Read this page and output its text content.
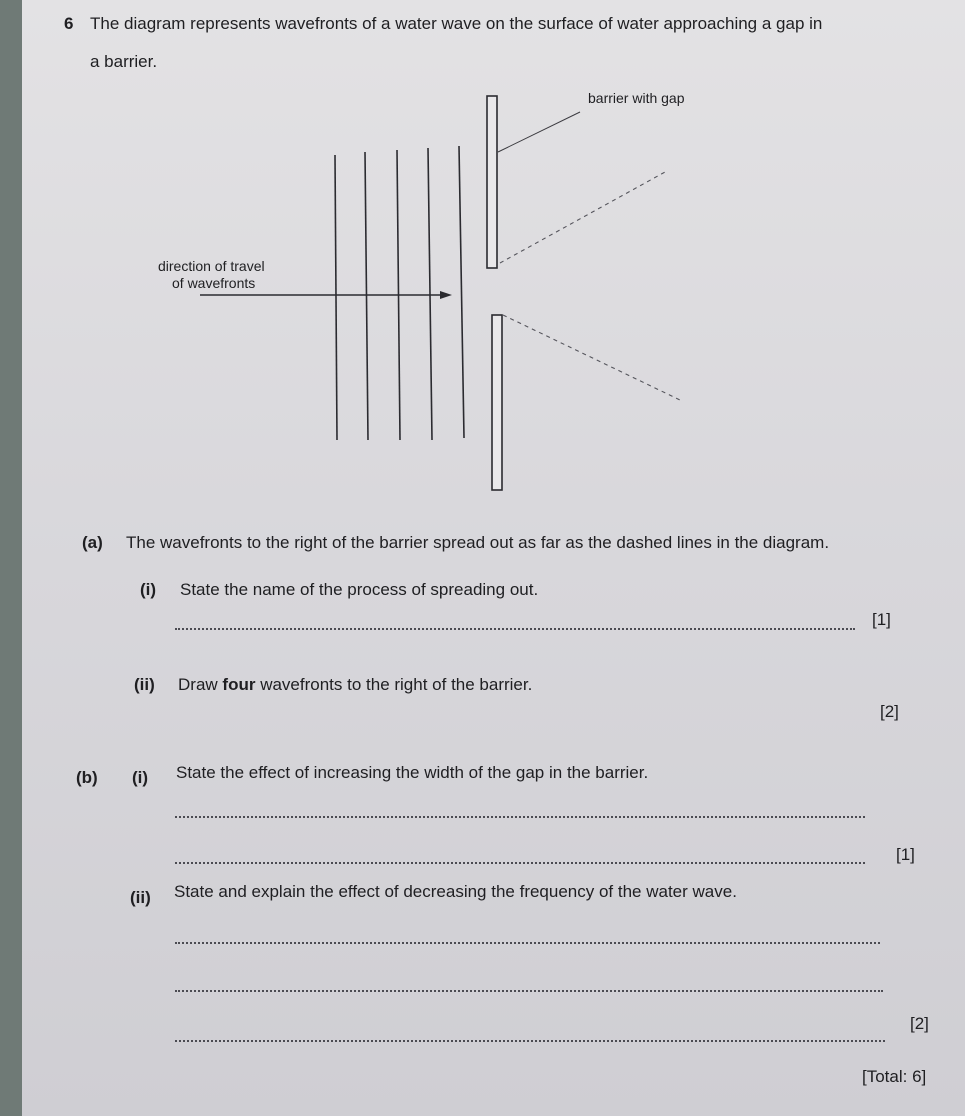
6 The diagram represents wavefronts of a water wave on the surface of water approaching a gap in
a barrier.
barrier with gap
direction of travel
of wavefronts
(a) The wavefronts to the right of the barrier spread out as far as the dashed lines in the diagram.
(i) State the name of the process of spreading out.
[1]
(ii) Draw four wavefronts to the right of the barrier.
[2]
(b) (i) State the effect of increasing the width of the gap in the barrier.
[1]
(ii) State and explain the effect of decreasing the frequency of the water wave.
[2]
[Total: 6]
